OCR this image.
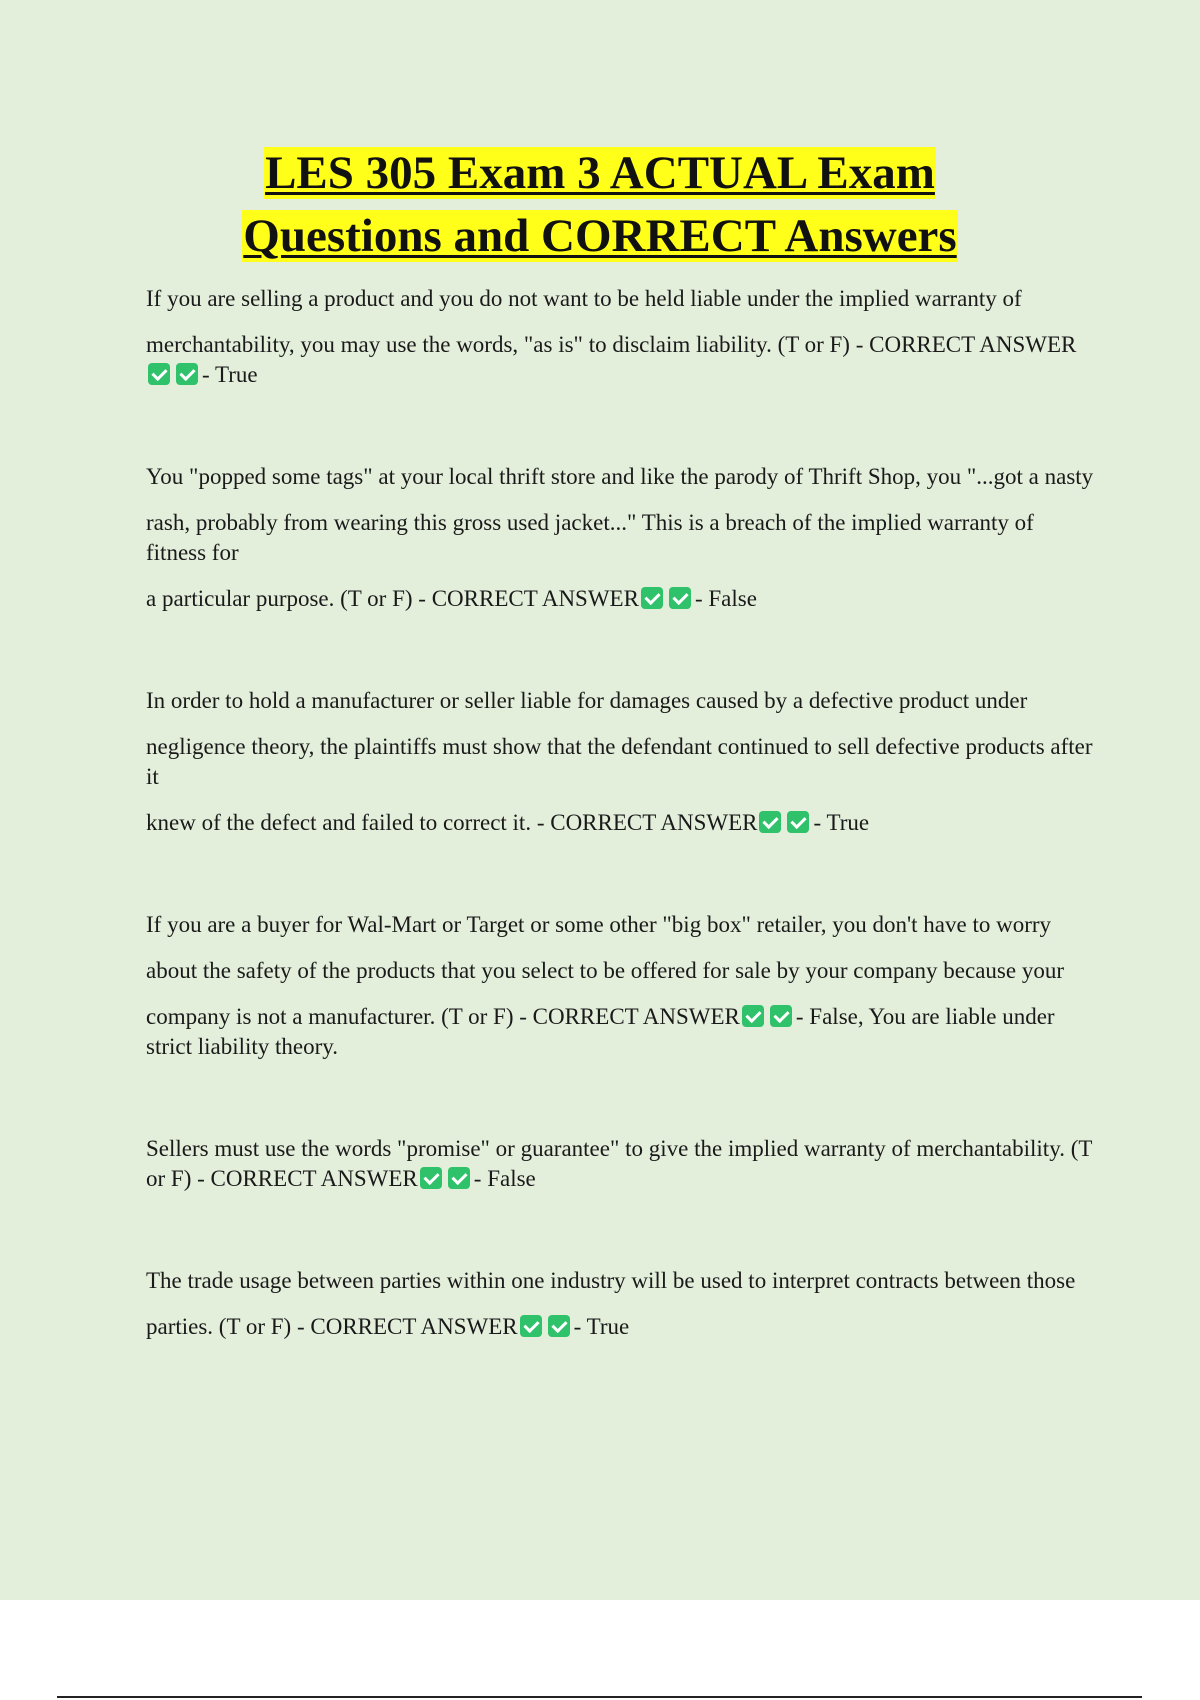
LES 305 Exam 3 ACTUAL Exam
Questions and CORRECT Answers

If you are selling a product and you do not want to be held liable under the implied warranty of

merchantability, you may use the words, "as is" to disclaim liability. (T or F) - CORRECT ANSWER- True

You "popped some tags" at your local thrift store and like the parody of Thrift Shop, you "...got a nasty

rash, probably from wearing this gross used jacket..." This is a breach of the implied warranty of fitness for

a particular purpose. (T or F) - CORRECT ANSWER - False

In order to hold a manufacturer or seller liable for damages caused by a defective product under

negligence theory, the plaintiffs must show that the defendant continued to sell defective products after it

knew of the defect and failed to correct it. - CORRECT ANSWER - True

If you are a buyer for Wal-Mart or Target or some other "big box" retailer, you don't have to worry

about the safety of the products that you select to be offered for sale by your company because your

company is not a manufacturer. (T or F) - CORRECT ANSWER - False, You are liable under strict liability theory.

Sellers must use the words "promise" or guarantee" to give the implied warranty of merchantability. (T or F) - CORRECT ANSWER - False

The trade usage between parties within one industry will be used to interpret contracts between those

parties. (T or F) - CORRECT ANSWER - True
